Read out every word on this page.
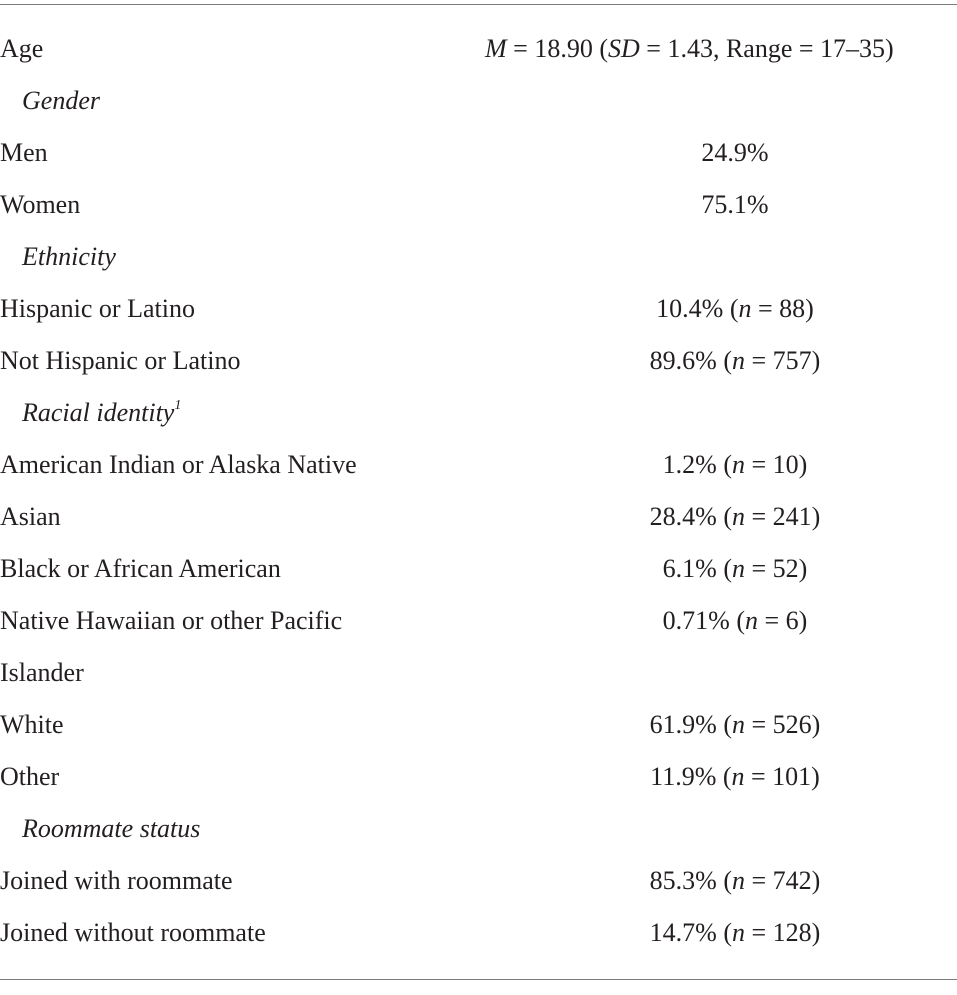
Age	M = 18.90 (SD = 1.43, Range = 17–35)
Gender
Men	24.9%
Women	75.1%
Ethnicity
Hispanic or Latino	10.4% (n = 88)
Not Hispanic or Latino	89.6% (n = 757)
Racial identity$^1$
American Indian or Alaska Native	1.2% (n = 10)
Asian	28.4% (n = 241)
Black or African American	6.1% (n = 52)
Native Hawaiian or other Pacific	0.71% (n = 6)
Islander
White	61.9% (n = 526)
Other	11.9% (n = 101)
Roommate status
Joined with roommate	85.3% (n = 742)
Joined without roommate	14.7% (n = 128)
